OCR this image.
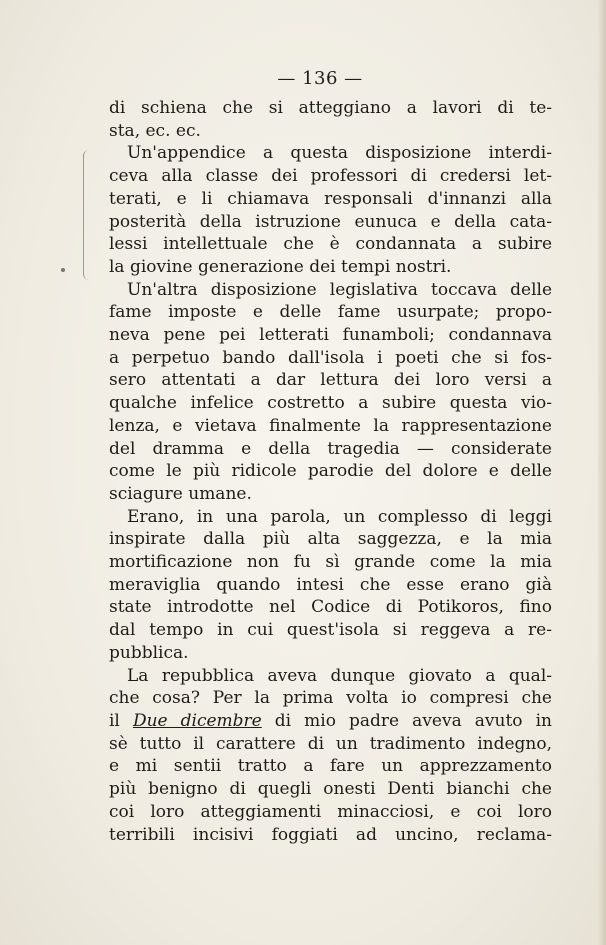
— 136 —
di schiena che si atteggiano a lavori di te-
sta, ec. ec.
Un'appendice a questa disposizione interdi-
ceva alla classe dei professori di credersi let-
terati, e li chiamava responsali d'innanzi alla
posterità della istruzione eunuca e della cata-
lessi intellettuale che è condannata a subire
la giovine generazione dei tempi nostri.
Un'altra disposizione legislativa toccava delle
fame imposte e delle fame usurpate; propo-
neva pene pei letterati funamboli; condannava
a perpetuo bando dall'isola i poeti che si fos-
sero attentati a dar lettura dei loro versi a
qualche infelice costretto a subire questa vio-
lenza, e vietava finalmente la rappresentazione
del dramma e della tragedia — considerate
come le più ridicole parodie del dolore e delle
sciagure umane.
Erano, in una parola, un complesso di leggi
inspirate dalla più alta saggezza, e la mia
mortificazione non fu sì grande come la mia
meraviglia quando intesi che esse erano già
state introdotte nel Codice di Potikoros, fino
dal tempo in cui quest'isola si reggeva a re-
pubblica.
La repubblica aveva dunque giovato a qual-
che cosa? Per la prima volta io compresi che
il Due dicembre di mio padre aveva avuto in
sè tutto il carattere di un tradimento indegno,
e mi sentii tratto a fare un apprezzamento
più benigno di quegli onesti Denti bianchi che
coi loro atteggiamenti minacciosi, e coi loro
terribili incisivi foggiati ad uncino, reclama-
